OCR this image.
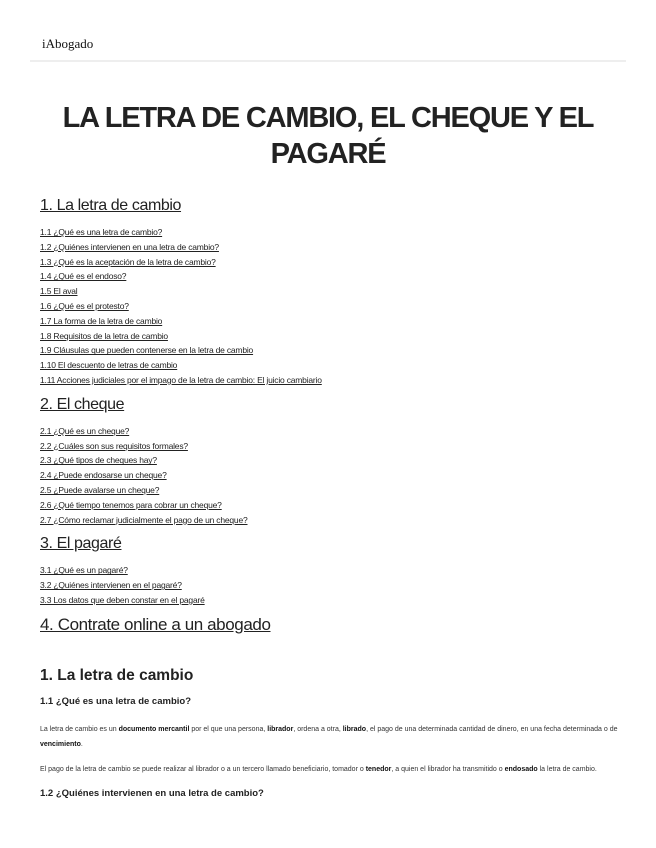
iAbogado
LA LETRA DE CAMBIO, EL CHEQUE Y EL PAGARÉ
1. La letra de cambio
1.1 ¿Qué es una letra de cambio?
1.2 ¿Quiénes intervienen en una letra de cambio?
1.3 ¿Qué es la aceptación de la letra de cambio?
1.4 ¿Qué es el endoso?
1.5 El aval
1.6 ¿Qué es el protesto?
1.7 La forma de la letra de cambio
1.8 Requisitos de la letra de cambio
1.9 Cláusulas que pueden contenerse en la letra de cambio
1.10 El descuento de letras de cambio
1.11 Acciones judiciales por el impago de la letra de cambio: El juicio cambiario
2. El cheque
2.1 ¿Qué es un cheque?
2.2 ¿Cuáles son sus requisitos formales?
2.3 ¿Qué tipos de cheques hay?
2.4 ¿Puede endosarse un cheque?
2.5 ¿Puede avalarse un cheque?
2.6 ¿Qué tiempo tenemos para cobrar un cheque?
2.7 ¿Cómo reclamar judicialmente el pago de un cheque?
3. El pagaré
3.1 ¿Qué es un pagaré?
3.2 ¿Quiénes intervienen en el pagaré?
3.3 Los datos que deben constar en el pagaré
4. Contrate online a un abogado
1. La letra de cambio
1.1 ¿Qué es una letra de cambio?
La letra de cambio es un documento mercantil por el que una persona, librador, ordena a otra, librado, el pago de una determinada cantidad de dinero, en una fecha determinada o de vencimiento.
El pago de la letra de cambio se puede realizar al librador o a un tercero llamado beneficiario, tomador o tenedor, a quien el librador ha transmitido o endosado la letra de cambio.
1.2 ¿Quiénes intervienen en una letra de cambio?
